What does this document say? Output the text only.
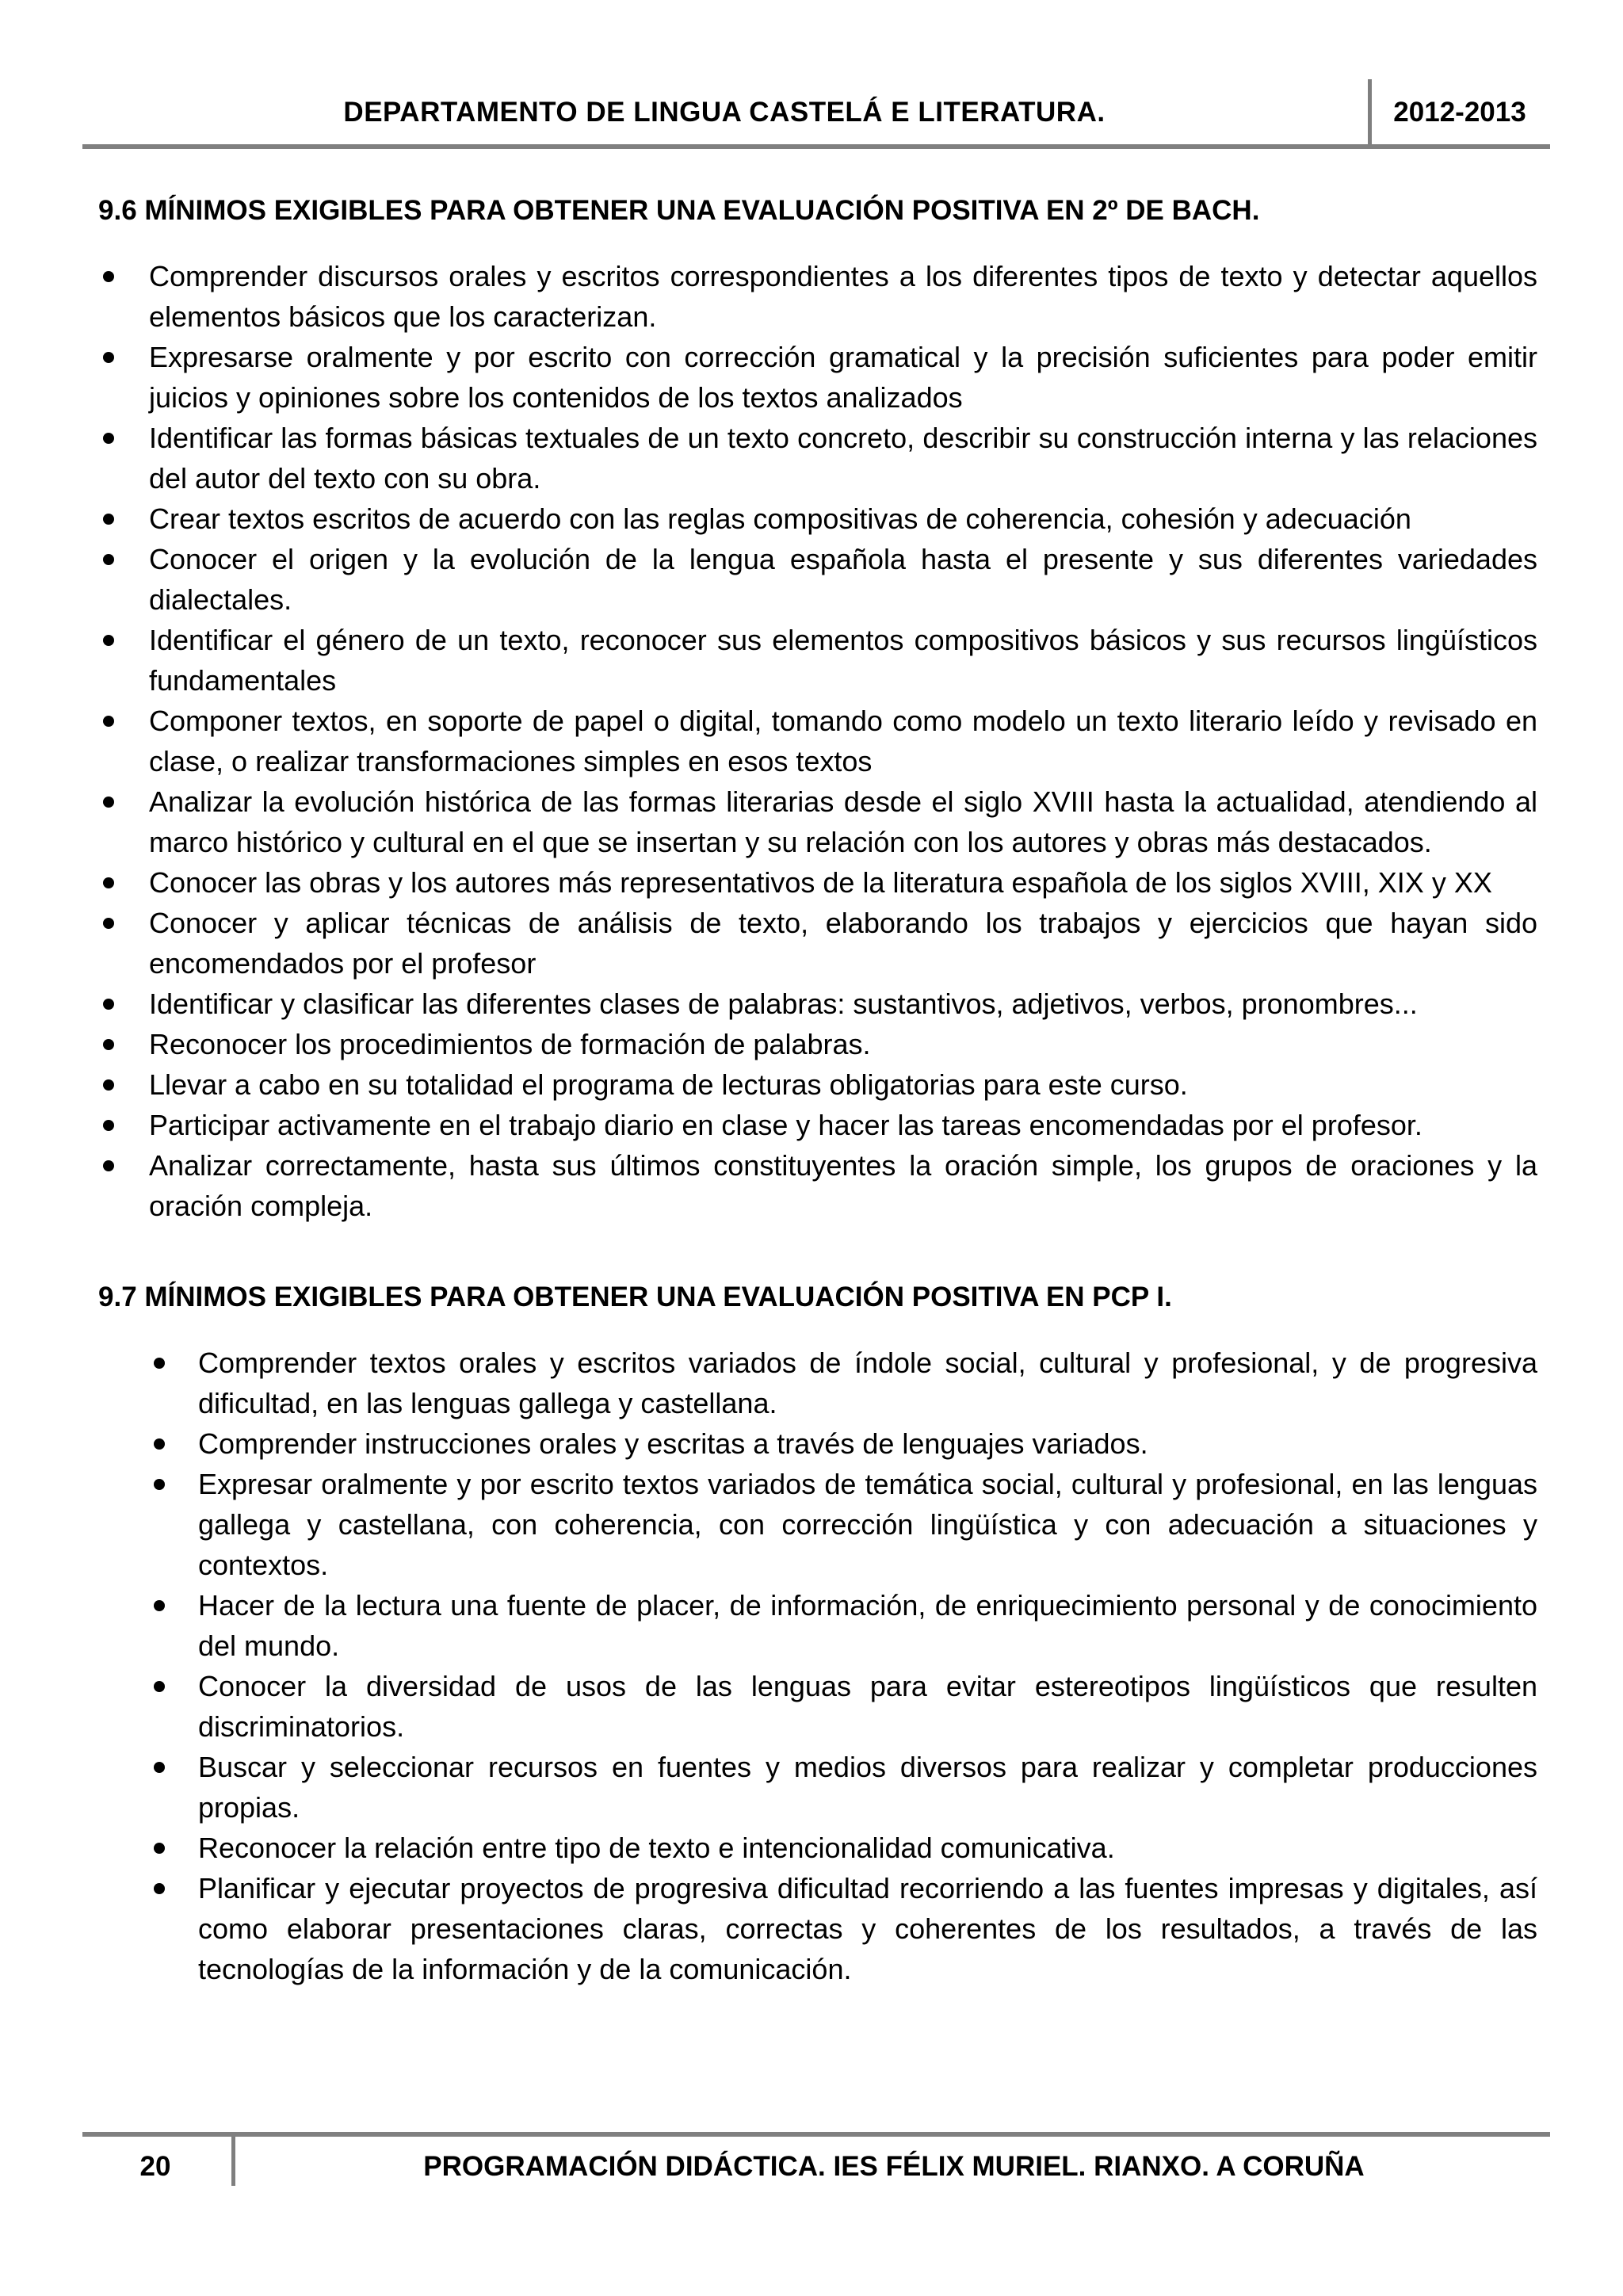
DEPARTAMENTO DE LINGUA CASTELÁ E LITERATURA.	2012-2013
9.6 MÍNIMOS EXIGIBLES PARA OBTENER UNA EVALUACIÓN POSITIVA EN 2º DE BACH.
Comprender discursos orales y escritos correspondientes a los diferentes tipos de texto y detectar aquellos elementos básicos que los caracterizan.
Expresarse oralmente y por escrito con corrección gramatical y la precisión suficientes para poder emitir juicios y opiniones sobre los contenidos de los textos analizados
Identificar las formas básicas textuales de un texto concreto, describir su construcción interna y las relaciones del autor del texto con su obra.
Crear textos escritos de acuerdo con las reglas compositivas de coherencia, cohesión y adecuación
Conocer el origen y la evolución de la lengua española hasta el presente y sus diferentes variedades dialectales.
Identificar el género de un texto, reconocer sus elementos compositivos básicos y sus recursos lingüísticos fundamentales
Componer textos, en soporte de papel o digital, tomando como modelo un texto literario leído y revisado en clase, o realizar transformaciones simples en esos textos
Analizar la evolución histórica de las formas literarias desde el siglo XVIII hasta la actualidad, atendiendo al marco histórico y cultural en el que se insertan y su relación con los autores y obras más destacados.
Conocer las obras y los autores más representativos de la literatura española de los siglos XVIII, XIX y XX
Conocer y aplicar técnicas de análisis de texto, elaborando los trabajos y ejercicios que hayan sido encomendados por el profesor
Identificar y clasificar las diferentes clases de palabras: sustantivos, adjetivos, verbos, pronombres...
Reconocer los procedimientos de formación de palabras.
Llevar a cabo en su totalidad el programa de lecturas obligatorias para este curso.
Participar activamente en el trabajo diario en clase y hacer las tareas encomendadas por el profesor.
Analizar correctamente, hasta sus últimos constituyentes la oración simple, los grupos de oraciones y la oración compleja.
9.7 MÍNIMOS EXIGIBLES PARA OBTENER UNA EVALUACIÓN POSITIVA EN PCP I.
Comprender textos orales y escritos variados de índole social, cultural y profesional, y de progresiva dificultad, en las lenguas gallega y castellana.
Comprender instrucciones orales y escritas a través de lenguajes variados.
Expresar oralmente y por escrito textos variados de temática social, cultural y profesional, en las lenguas gallega y castellana, con coherencia, con corrección lingüística y con adecuación a situaciones y contextos.
Hacer de la lectura una fuente de placer, de información, de enriquecimiento personal y de conocimiento del mundo.
Conocer la diversidad de usos de las lenguas para evitar estereotipos lingüísticos que resulten discriminatorios.
Buscar y seleccionar recursos en fuentes y medios diversos para realizar y completar producciones propias.
Reconocer la relación entre tipo de texto e intencionalidad comunicativa.
Planificar y ejecutar proyectos de progresiva dificultad recorriendo a las fuentes impresas y digitales, así como elaborar presentaciones claras, correctas y coherentes de los resultados, a través de las tecnologías de la información y de la comunicación.
20	PROGRAMACIÓN DIDÁCTICA. IES FÉLIX MURIEL. RIANXO. A CORUÑA
